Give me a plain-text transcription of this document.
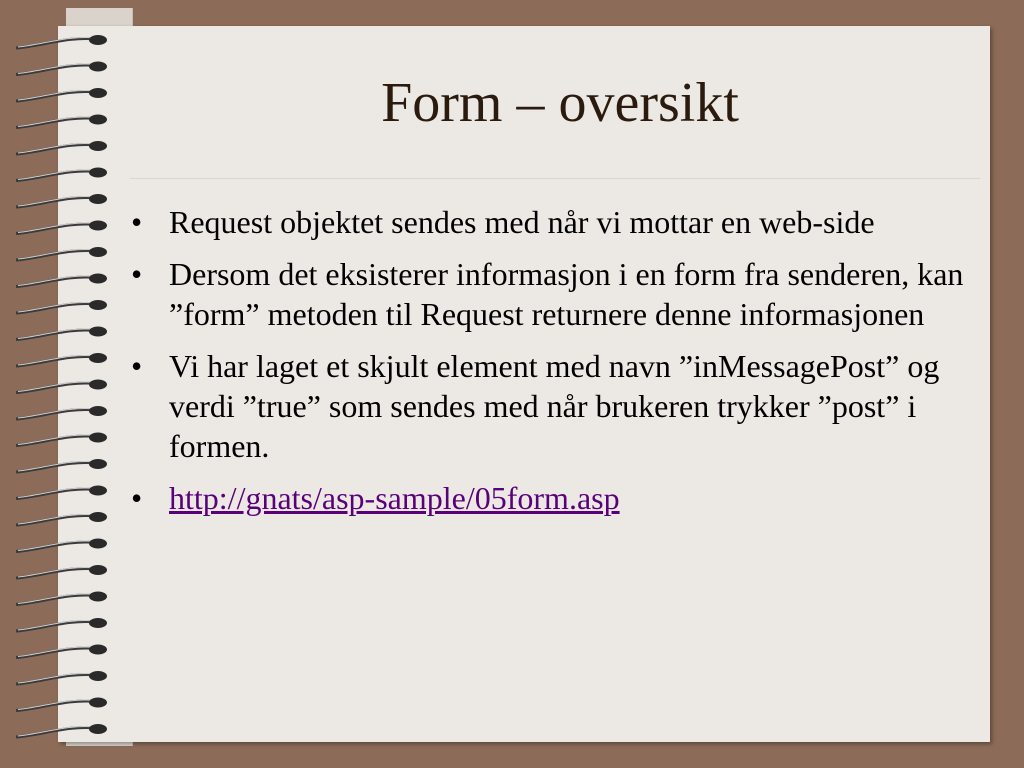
Form – oversikt
• Request objektet sendes med når vi mottar en web-side
• Dersom det eksisterer informasjon i en form fra senderen, kan ”form” metoden til Request returnere denne informasjonen
• Vi har laget et skjult element med navn ”inMessagePost” og verdi ”true” som sendes med når brukeren trykker ”post” i formen.
• http://gnats/asp-sample/05form.asp
